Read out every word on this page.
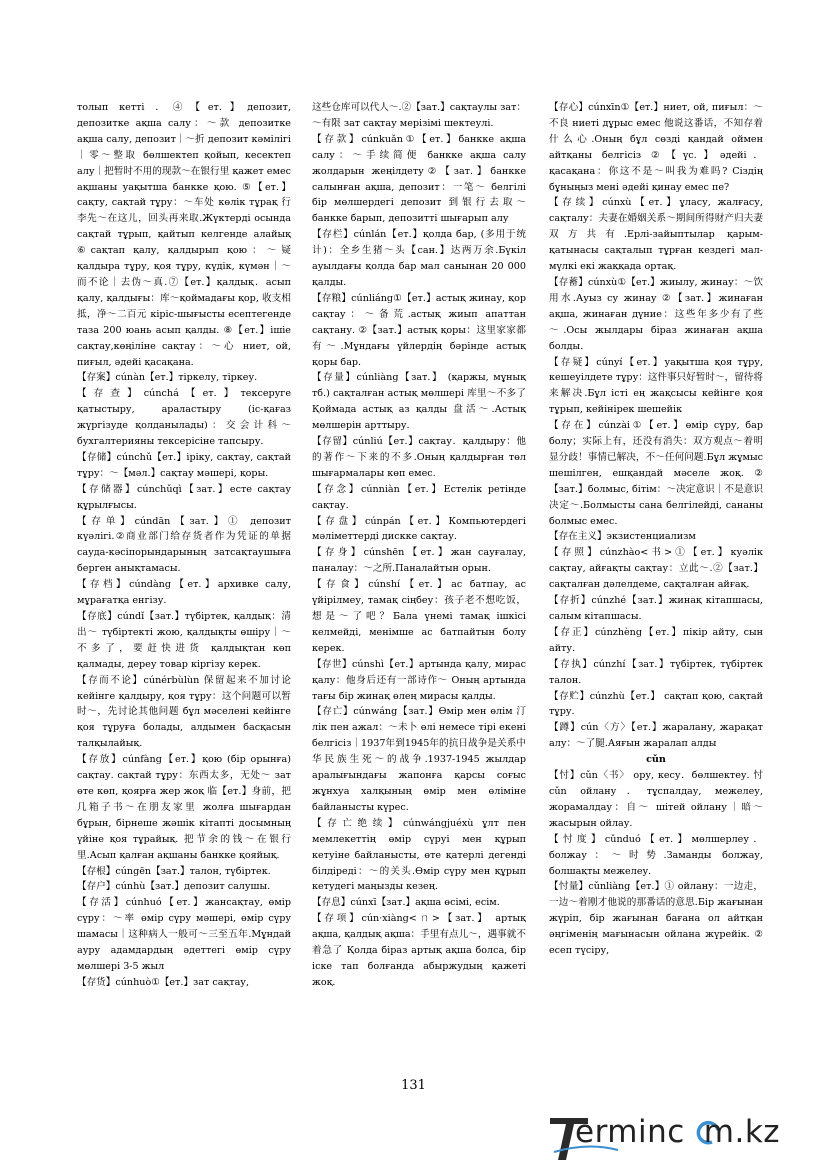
толып кетті ．④【ет.】депозит, депозитке ақша салу：～款 депозитке ақша салу, депозит｜～折 депозит кәмілігі｜零～整取 бөлшектеп қойып, кесектеп алу｜把暂时不用的现款～在银行里 қажет емес ақшаны уақытша банкке қою. ⑤【ет.】сақту, сақтай тұру：～车处 көлік тұрақ 行李先～在这儿，回头再来取.Жүктерді осында сақтай тұрып, қайтып келгенде алайық ⑥сақтап қалу, қалдырып қою：～疑 қалдыра тұру, қоя тұру, күдік, күмән｜～而不论｜去伪～真.⑦【ет.】қалдық．асып қалу, қалдығы：库～қоймадағы қор, 收支相抵，净～二百元 кіріс-шығысты есептегенде таза 200 юань асып қалды. ⑧【ет.】ішіе сақтау,көңіліне сақтау：～心 ниет, ой, пиғыл, әдейі қасақана.

【存案】cúnàn【ет.】тіркелу, тіркеу.

【存查】cúnchá【ет.】тексеруге қатыстыру, араластыру (іс-қағаз жүргізуде қолданылады)：交会计科～ бухгалтерияны тексерісіне тапсыру.

【存储】cúnchǔ【ет.】іріку, сақтау, сақтай тұру：～【мәл.】сақтау мәшері, қоры.

【存储器】cúnchǔqì【зат.】есте сақтау құрылғысы.

【存单】cúndān【зат.】① депозит күәлігі.②商业部门给存货者作为凭证的单据 сауда-кәсіпорындарының затсақтаушыға берген анықтамасы.

【存档】cúndàng【ет.】архивке салу, мұрағатқа енгізу.

【存底】cúndǐ【зат.】түбіртек, қалдық：清出～ түбіртекті жою, қалдықты өшіру｜～不多了，要赶快进货 қалдықтан көп қалмады, дереу товар кіргізу керек.

【存而不论】cúnérbùlùn 保留起来不加讨论 кейінге қалдыру, қоя тұру：这个问题可以暂时～，先讨论其他问题 бұл мәселені кейінге қоя тұруға болады, алдымен басқасын талқылайық.

【存放】cúnfàng【ет.】қою (бір орынға) сақтау. сақтай тұру：东西太多，无处～ зат өте көп, қоярға жер жоқ 临【ет.】身前，把几箱子书～在朋友家里 жолға шығардан бұрын, бірнеше жәшік кітапті досымның үйіне қоя тұрайық. 把节余的钱～在银行里.Асып қалған ақшаны банкке қояйық.

【存根】cúngēn【зат.】талон, түбіртек.

【存户】cúnhù【зат.】депозит салушы.

【存活】cúnhuó【ет.】жансақтау, өмір сүру：～率 өмір сүру мәшері, өмір сүру шамасы｜这种病人一般可～三至五年.Мұндай ауру адамдардың әдеттегі өмір сүру мөлшері 3-5 жыл

【存货】cúnhuò①【ет.】зат сақтау,

这些仓库可以代人～.②【зат.】сақтаулы зат：～有限 зат сақтау мерізімі шектеулі.

【存款】cúnkuǎn①【ет.】банкке ақша салу：～手续简便 банкке ақша салу жолдарын жеңілдету②【зат.】банкке салынған ақша, депозит：一笔～ белгілі бір мөлшердегі депозит 到银行去取～ банкке барып, депозитті шығарып алу

【存栏】cúnlán【ет.】қолда бар, (多用于统计)：全乡生猪～头【сан.】达两万余.Бүкіл ауылдағы қолда бар мал санынан 20 000 қалды.

【存粮】cúnliáng①【ет.】астық жинау, қор сақтау：～备荒.астық жиып апаттан сақтану. ②【зат.】астық қоры：这里家家都有～.Мұндағы үйлердің бәрінде астық қоры бар.

【存量】cúnliàng【зат.】 (қаржы, мұнық тб.) сақталған астық мөлшері 库里～不多了 Қоймада астық аз қалды 盘活～.Астық мөлшерін арттыру.

【存留】cúnliú【ет.】сақтау．қалдыру：他的著作～下来的不多.Оның қалдырған төл шығармалары көп емес.

【存念】cúnniàn【ет.】Естелік ретінде сақтау.

【存盘】cúnpán【ет.】Компьютердегі мәліметтерді дискке сақтау.

【存身】cúnshēn【ет.】жан сауғалау, паналау：～之所.Паналайтын орын.

【存食】cúnshí【ет.】ас батпау, ас үйірілмеу, тамақ сіңбеу：孩子老不想吃饭，想是～了吧？Бала үнемі тамақ ішкісі келмейді, менімше ас батпайтын болу керек.

【存世】cúnshì【ет.】артында қалу, мирас қалу：他身后还有一部诗作～ Оның артында тағы бір жинақ өлең мирасы қалды.

【存亡】cúnwáng【зат.】Өмір мен өлім 汀лік пен ажал：～未卜 өлі немесе тірі екені белгісіз｜1937年到1945年的抗日战争是关系中华民族生死～的战争.1937-1945 жылдар аралығындағы жапонға қарсы соғыс жұнхуа халқының өмір мен өліміне байланысты күрес.

【存亡绝续】cúnwángjuéxù ұлт пен мемлекеттің өмір сүруі мен құрып кетуіне байланысты, өте қатерлі дегенді білдіреді：～的关头.Өмір сүру мен құрып кетудегі маңызды кезең.

【存息】cúnxī【зат.】ақша өсімі, есім.

【存项】cún·xiàng<ㄇ>【зат.】 артық ақша, қалдық ақша：手里有点儿～，遇事就不着急了 Қолда біраз артық ақша болса, бір іске тап болғанда абыржудың қажеті жоқ.

【存心】cúnxīn①【ет.】ниет, ой, пиғыл：～不良 ниеті дұрыс емес 他说这番话，不知存着什么心.Оның бұл сөзді қандай оймен айтқаны белгісіз ②【үс.】әдейі．қасақана：你这不是～叫我为难吗? Сіздің бұныңыз мені әдейі қинау емес пе?

【存续】cúnxù【ет.】ұласу, жалғасу, сақталу：夫妻在婚姻关系～期间所得财产归夫妻双方共有.Ерлі-зайыптылар қарым-қатынасы сақталып тұрған кездегі мал-мүлкі екі жаққада ортақ.

【存蓄】cúnxù①【ет.】жиылу, жинау：～饮用水.Ауыз су жинау ②【зат.】жинаған ақша, жинаған дүние：这些年多少有了些～.Осы жылдары біраз жинаған ақша болды.

【存疑】cúnyí【ет.】уақытша қоя тұру, кешеуілдете тұру：这件事只好暂时～，留待将来解决.Бұл істі ең жақсысы кейінге қоя тұрып, кейінірек шешейік

【存在】cúnzài①【ет.】өмір сүру, бар болу；实际上有，还没有消失：双方观点～着明显分歧！事情已解决，不～任何问题.Бұл жұмыс шешілген, ешқандай мәселе жоқ. ②【зат.】болмыс, бітім：～决定意识｜不是意识决定～.Болмысты сана белгілейді, сананы болмыс емес.

【存在主义】экзистенциализм

【存照】cúnzhào<书>①【ет.】куәлік сақтау, айғақты сақтау：立此～.②【зат.】сақталған дәлелдеме, сақталған айғақ.

【存折】cúnzhé【зат.】жинақ кітапшасы, салым кітапшасы.

【存正】cúnzhèng【ет.】пікір айту, сын айту.

【存执】cúnzhí【зат.】түбіртек, түбіртек талон.

【存贮】cúnzhù【ет.】 сақтап қою, сақтай тұру.

【蹲】cún〈方〉【ет.】жаралану, жарақат алу：～了腿.Аяғын жаралап алды

cǔn

【忖】cǔn〈书〉 ору, кесу．бөлшектеу. 忖 cǔn ойлану．тұспалдау, межелеу, жорамалдау：自～ шітей ойлану｜暗～ жасырын ойлау.

【忖度】cǔnduó【ет.】мөлшерлеу．болжау：～时势.Заманды болжау, болшақты межелеу.

【忖量】cǔnliàng【ет.】① ойлану：一边走，一边～着刚才他说的那番话的意思.Бір жағынан жүріп, бір жағынан бағана ол айтқан әңгіменің мағынасын ойлана жүрейік. ② есеп түсіру,

131
erminc m.kz
